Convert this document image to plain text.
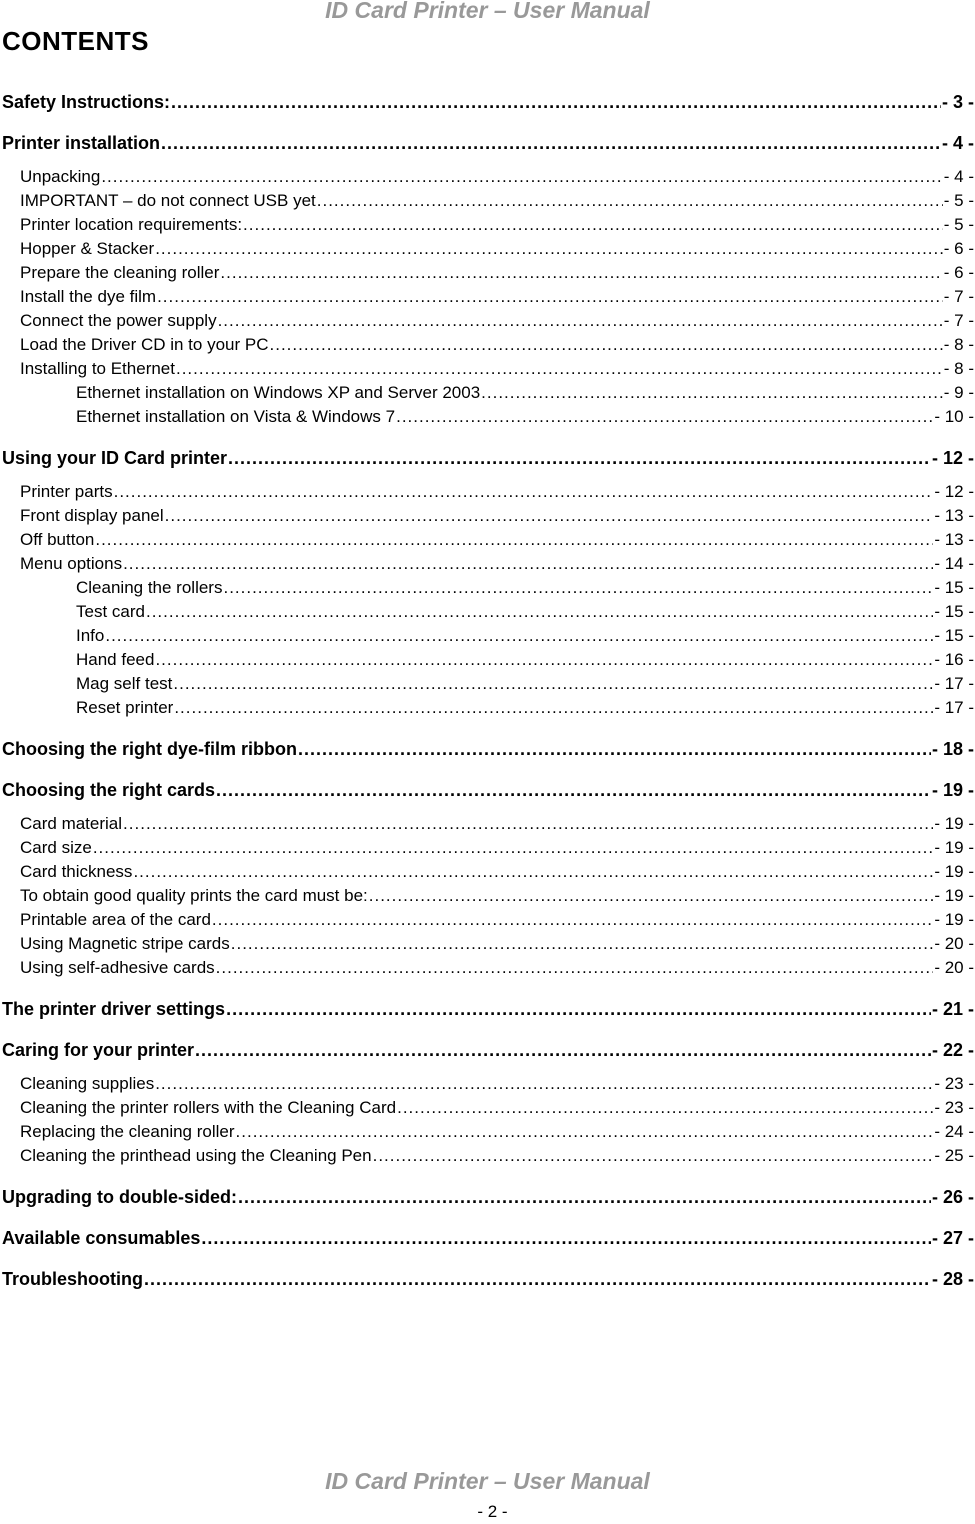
ID Card Printer – User Manual
CONTENTS
Safety Instructions: .....	- 3 -
Printer installation .....	- 4 -
Unpacking .....	- 4 -
IMPORTANT – do not connect USB yet .....	- 5 -
Printer location requirements: .....	- 5 -
Hopper & Stacker .....	- 6 -
Prepare the cleaning roller .....	- 6 -
Install the dye film .....	- 7 -
Connect the power supply .....	- 7 -
Load the Driver CD in to your PC .....	- 8 -
Installing to Ethernet .....	- 8 -
Ethernet installation on Windows XP and Server 2003 .....	- 9 -
Ethernet installation on Vista & Windows 7 .....	- 10 -
Using your ID Card printer .....	- 12 -
Printer parts .....	- 12 -
Front display panel .....	- 13 -
Off button .....	- 13 -
Menu options .....	- 14 -
Cleaning the rollers .....	- 15 -
Test card .....	- 15 -
Info .....	- 15 -
Hand feed .....	- 16 -
Mag self test .....	- 17 -
Reset printer .....	- 17 -
Choosing the right dye-film ribbon .....	- 18 -
Choosing the right cards .....	- 19 -
Card material .....	- 19 -
Card size .....	- 19 -
Card thickness .....	- 19 -
To obtain good quality prints the card must be: .....	- 19 -
Printable area of the card .....	- 19 -
Using Magnetic stripe cards .....	- 20 -
Using self-adhesive cards .....	- 20 -
The printer driver settings .....	- 21 -
Caring for your printer .....	- 22 -
Cleaning supplies .....	- 23 -
Cleaning the printer rollers with the Cleaning Card .....	- 23 -
Replacing the cleaning roller .....	- 24 -
Cleaning the printhead using the Cleaning Pen .....	- 25 -
Upgrading to double-sided: .....	- 26 -
Available consumables .....	- 27 -
Troubleshooting .....	- 28 -
ID Card Printer – User Manual
- 2 -
